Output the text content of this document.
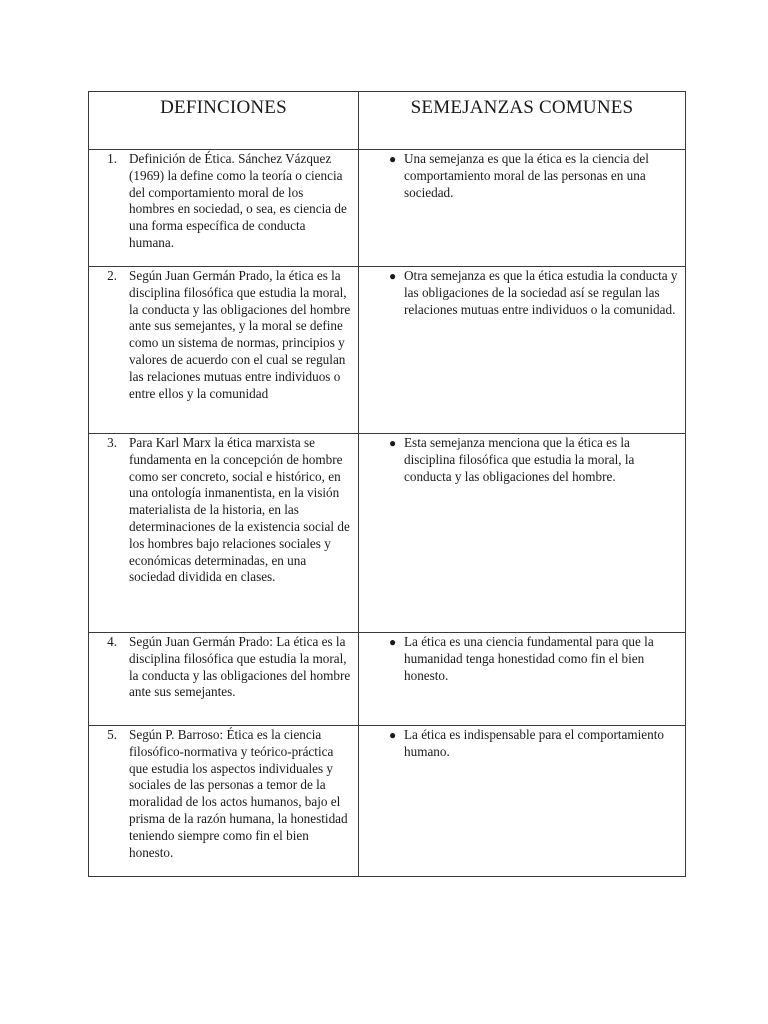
DEFINCIONES	SEMEJANZAS COMUNES

1. Definición de Ética. Sánchez Vázquez (1969) la define como la teoría o ciencia del comportamiento moral de los hombres en sociedad, o sea, es ciencia de una forma específica de conducta humana.	● Una semejanza es que la ética es la ciencia del comportamiento moral de las personas en una sociedad.

2. Según Juan Germán Prado, la ética es la disciplina filosófica que estudia la moral, la conducta y las obligaciones del hombre ante sus semejantes, y la moral se define como un sistema de normas, principios y valores de acuerdo con el cual se regulan las relaciones mutuas entre individuos o entre ellos y la comunidad	● Otra semejanza es que la ética estudia la conducta y las obligaciones de la sociedad así se regulan las relaciones mutuas entre individuos o la comunidad.

3. Para Karl Marx la ética marxista se fundamenta en la concepción de hombre como ser concreto, social e histórico, en una ontología inmanentista, en la visión materialista de la historia, en las determinaciones de la existencia social de los hombres bajo relaciones sociales y económicas determinadas, en una sociedad dividida en clases.	● Esta semejanza menciona que la ética es la disciplina filosófica que estudia la moral, la conducta y las obligaciones del hombre.

4. Según Juan Germán Prado: La ética es la disciplina filosófica que estudia la moral, la conducta y las obligaciones del hombre ante sus semejantes.	● La ética es una ciencia fundamental para que la humanidad tenga honestidad como fin el bien honesto.

5. Según P. Barroso: Ética es la ciencia filosófico-normativa y teórico-práctica que estudia los aspectos individuales y sociales de las personas a temor de la moralidad de los actos humanos, bajo el prisma de la razón humana, la honestidad teniendo siempre como fin el bien honesto.	● La ética es indispensable para el comportamiento humano.
